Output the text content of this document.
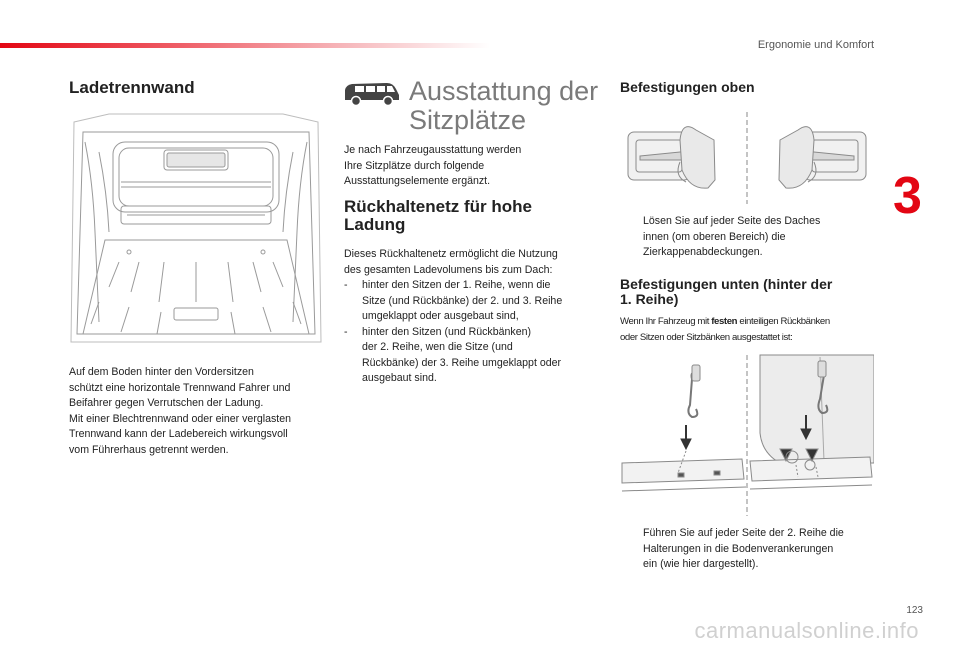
Ergonomie und Komfort
3
Ladetrennwand

Auf dem Boden hinter den Vordersitzen

schützt eine horizontale Trennwand Fahrer und

Beifahrer gegen Verrutschen der Ladung.

Mit einer Blechtrennwand oder einer verglasten

Trennwand kann der Ladebereich wirkungsvoll

vom Führerhaus getrennt werden.

Ausstattung der
Sitzplätze

Je nach Fahrzeugausstattung werden

Ihre Sitzplätze durch folgende

Ausstattungselemente ergänzt.

Rückhaltenetz für hohe
Ladung

Dieses Rückhaltenetz ermöglicht die Nutzung

des gesamten Ladevolumens bis zum Dach:

-	hinter den Sitzen der 1. Reihe, wenn die

Sitze (und Rückbänke) der 2. und 3. Reihe

umgeklappt oder ausgebaut sind,

-	hinter den Sitzen (und Rückbänken)

der 2. Reihe, wen die Sitze (und

Rückbänke) der 3. Reihe umgeklappt oder

ausgebaut sind.

Befestigungen oben

Lösen Sie auf jeder Seite des Daches

innen (om oberen Bereich) die

Zierkappenabdeckungen.

Befestigungen unten (hinter der
1. Reihe)

Wenn Ihr Fahrzeug mit festen einteiligen Rückbänken

oder Sitzen oder Sitzbänken ausgestattet ist:

Führen Sie auf jeder Seite der 2. Reihe die

Halterungen in die Bodenverankerungen

ein (wie hier dargestellt).

123
carmanualsonline.info
